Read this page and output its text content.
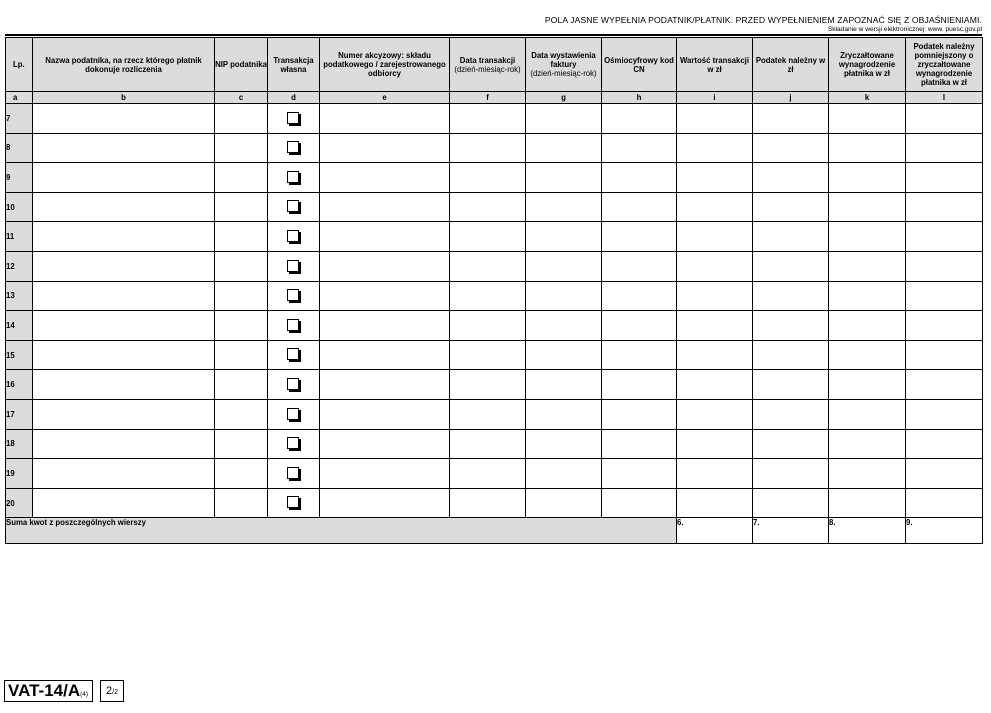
POLA JASNE WYPEŁNIA PODATNIK/PŁATNIK. PRZED WYPEŁNIENIEM ZAPOZNAĆ SIĘ Z OBJAŚNIENIAMI.
Składanie w wersji elektronicznej: www. puesc.gov.pl
Lp.	Nazwa podatnika, na rzecz którego płatnik dokonuje rozliczenia	NIP podatnika	Transakcja własna	Numer akcyzowy: składu podatkowego / zarejestrowanego odbiorcy	Data transakcji
(dzień-miesiąc-rok)	Data wystawienia faktury
(dzień-miesiąc-rok)	Ośmiocyfrowy kod CN	Wartość transakcji w zł	Podatek należny w zł	Zryczałtowane wynagrodzenie płatnika w zł	Podatek należny pomniejszony o zryczałtowane wynagrodzenie płatnika w zł
a	b	c	d	e	f	g	h	i	j	k	l
7											
8											
9											
10											
11											
12											
13											
14											
15											
16											
17											
18											
19											
20											
Suma kwot z poszczególnych wierszy								6.	7.	8.	9.
VAT-14/A(4)	2/2
